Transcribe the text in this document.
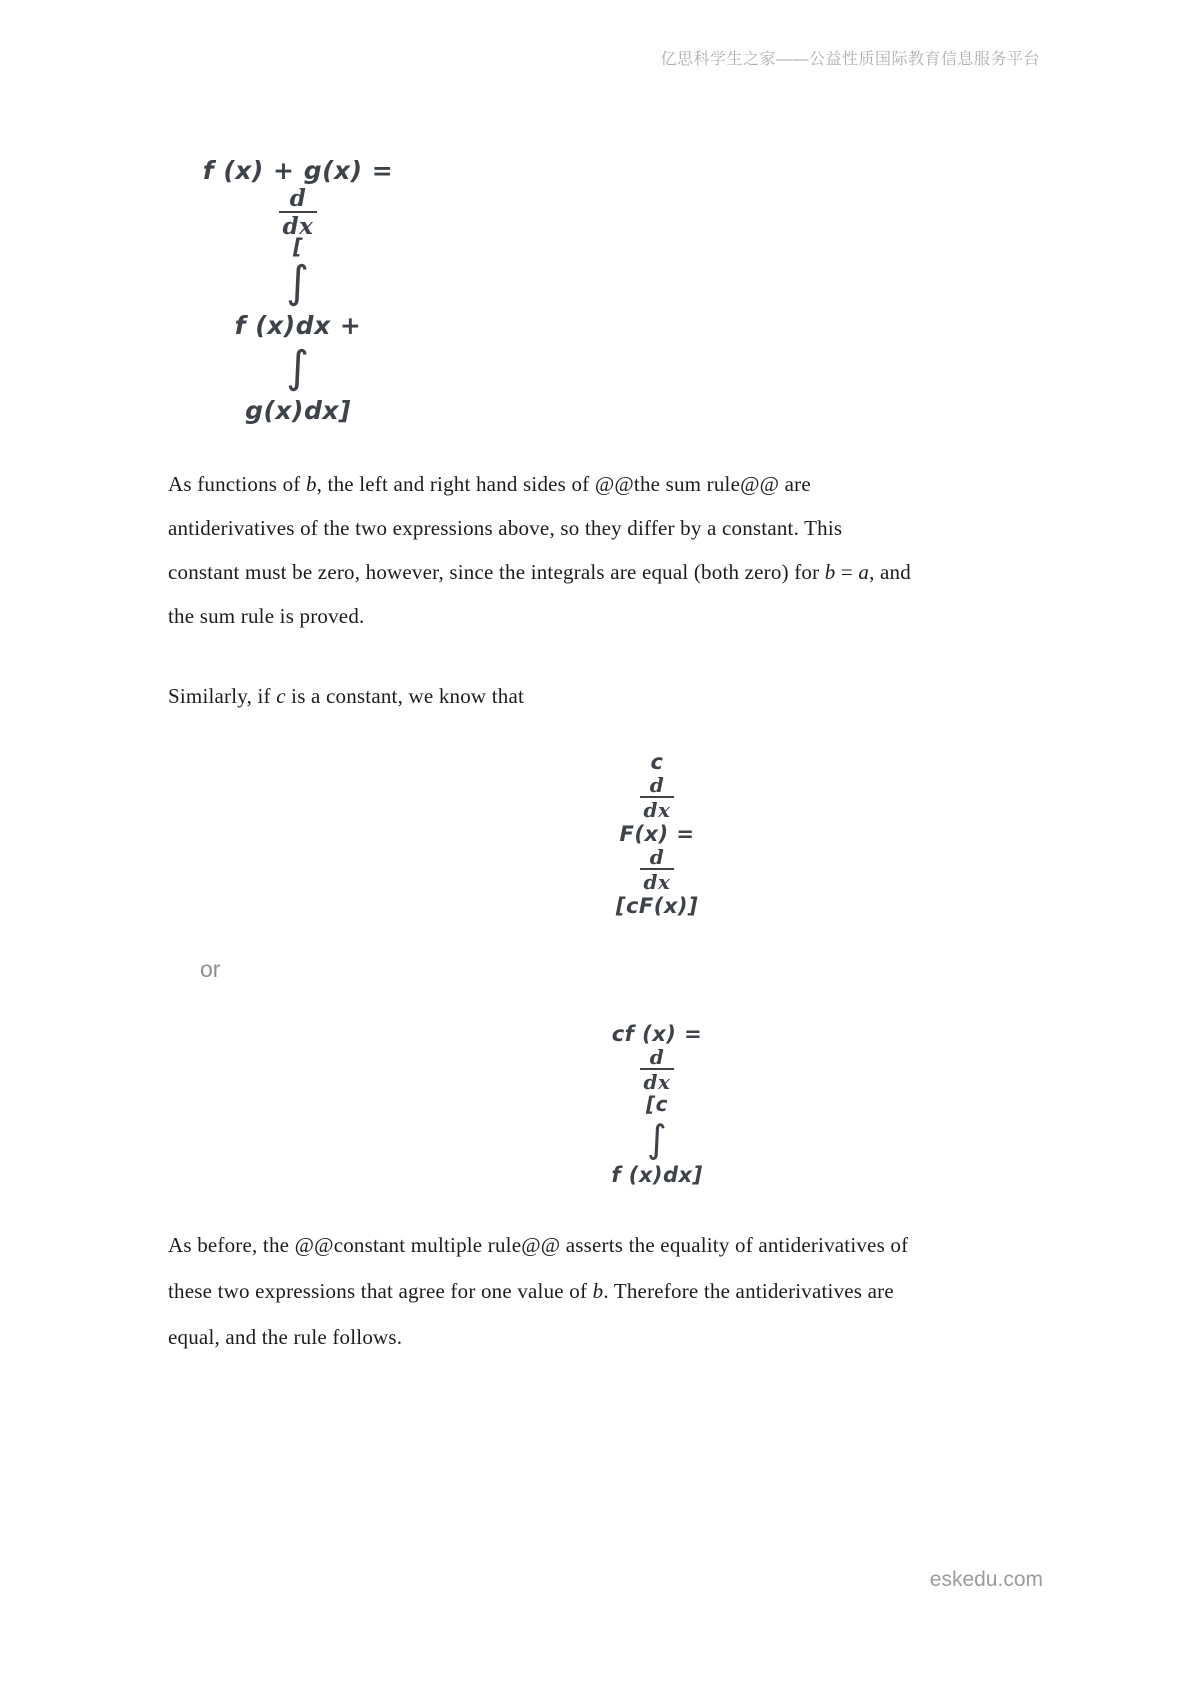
亿思科学生之家——公益性质国际教育信息服务平台
f (x) + g(x) =
$\frac{d}{dx}$
[
∫
f (x)dx +
∫
g(x)dx]
As functions of b, the left and right hand sides of @@the sum rule@@ are
antiderivatives of the two expressions above, so they differ by a constant. This
constant must be zero, however, since the integrals are equal (both zero) for b = a, and
the sum rule is proved.
Similarly, if c is a constant, we know that
c
$\frac{d}{dx}$
F(x) =
$\frac{d}{dx}$
[cF(x)]
or
cf (x) =
$\frac{d}{dx}$
[c
∫
f (x)dx]
As before, the @@constant multiple rule@@ asserts the equality of antiderivatives of
these two expressions that agree for one value of b. Therefore the antiderivatives are
equal, and the rule follows.
eskedu.com
